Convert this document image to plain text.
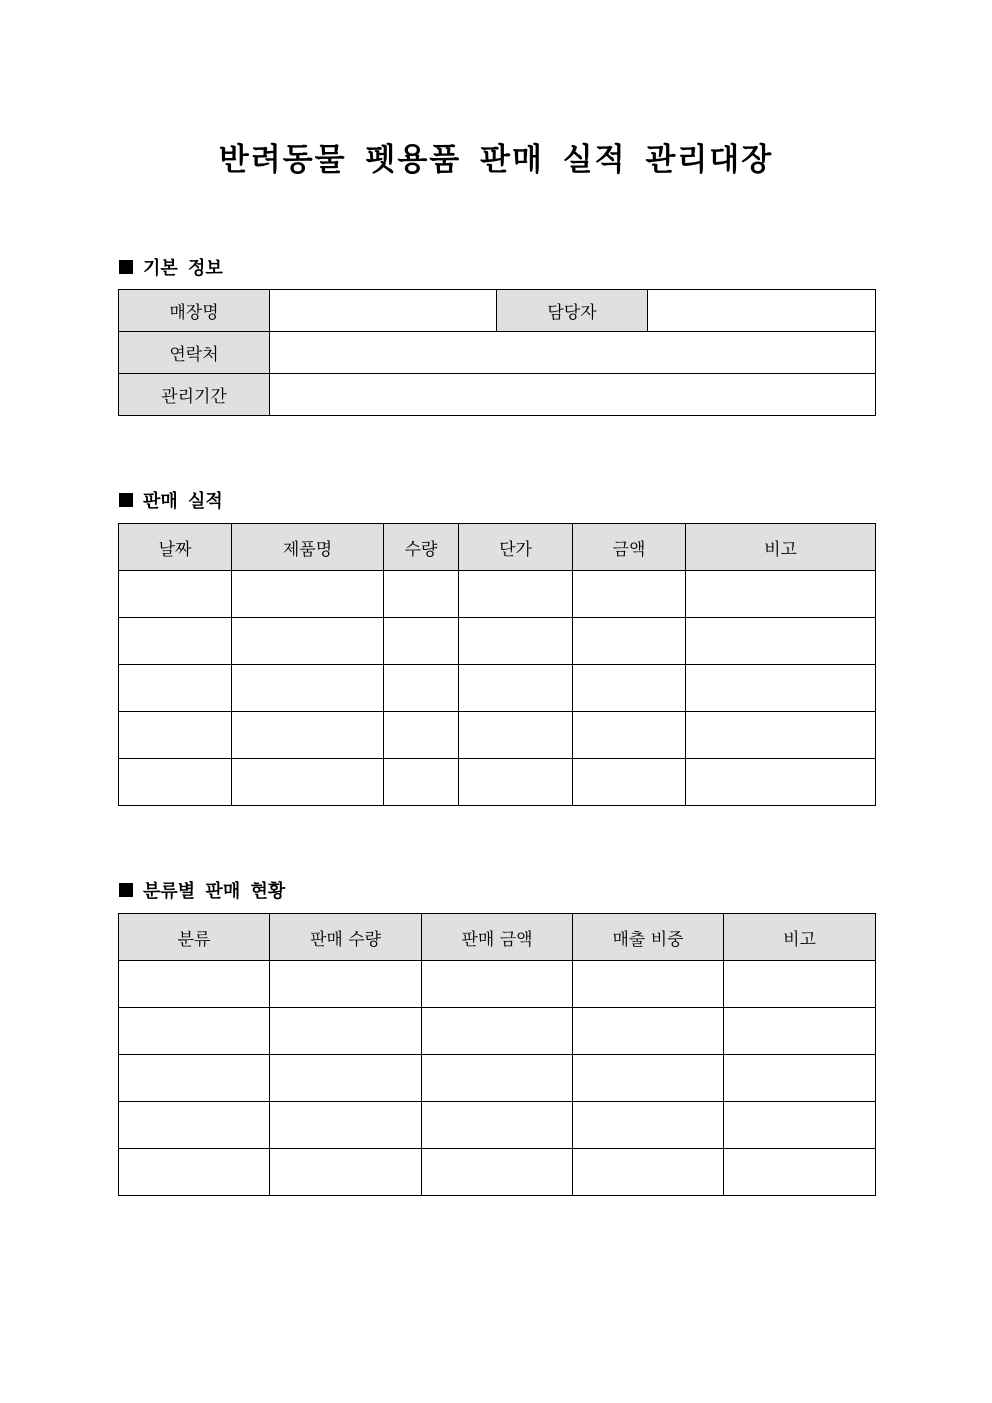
반려동물 펫용품 판매 실적 관리대장
기본 정보
매장명		담당자	
연락처			
관리기간			
판매 실적
날짜	제품명	수량	단가	금액	비고

분류별 판매 현황
분류	판매 수량	판매 금액	매출 비중	비고
